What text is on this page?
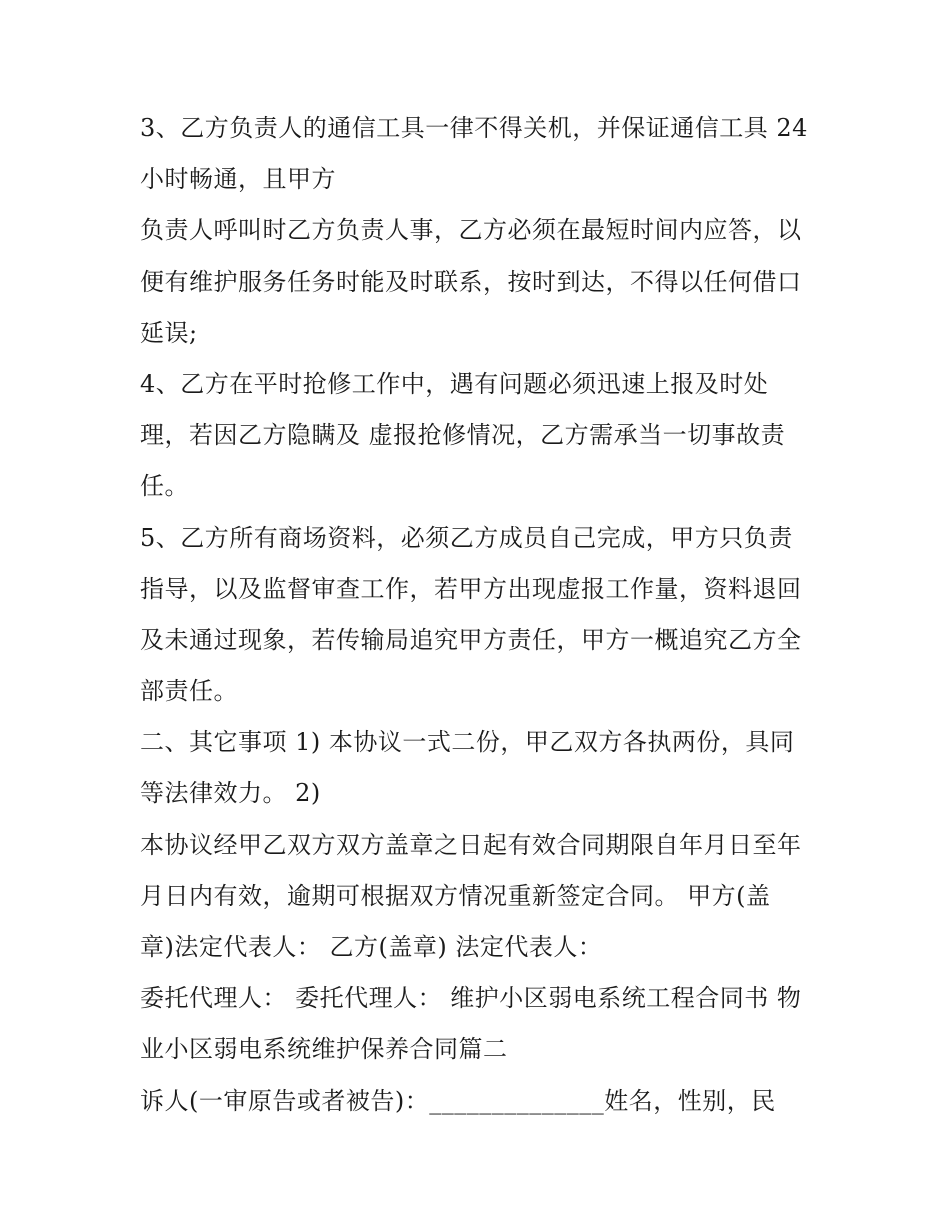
3、乙方负责人的通信工具一律不得关机，并保证通信工具 24
小时畅通，且甲方
负责人呼叫时乙方负责人事，乙方必须在最短时间内应答，以
便有维护服务任务时能及时联系，按时到达，不得以任何借口
延误;
4、乙方在平时抢修工作中，遇有问题必须迅速上报及时处
理，若因乙方隐瞒及 虚报抢修情况，乙方需承当一切事故责
任。
5、乙方所有商场资料，必须乙方成员自己完成，甲方只负责
指导，以及监督审查工作，若甲方出现虚报工作量，资料退回
及未通过现象，若传输局追究甲方责任，甲方一概追究乙方全
部责任。
二、其它事项 1) 本协议一式二份，甲乙双方各执两份，具同
等法律效力。 2)
本协议经甲乙双方双方盖章之日起有效合同期限自年月日至年
月日内有效，逾期可根据双方情况重新签定合同。 甲方(盖
章)法定代表人： 乙方(盖章) 法定代表人：
委托代理人： 委托代理人： 维护小区弱电系统工程合同书 物
业小区弱电系统维护保养合同篇二
诉人(一审原告或者被告)：______________姓名，性别，民
